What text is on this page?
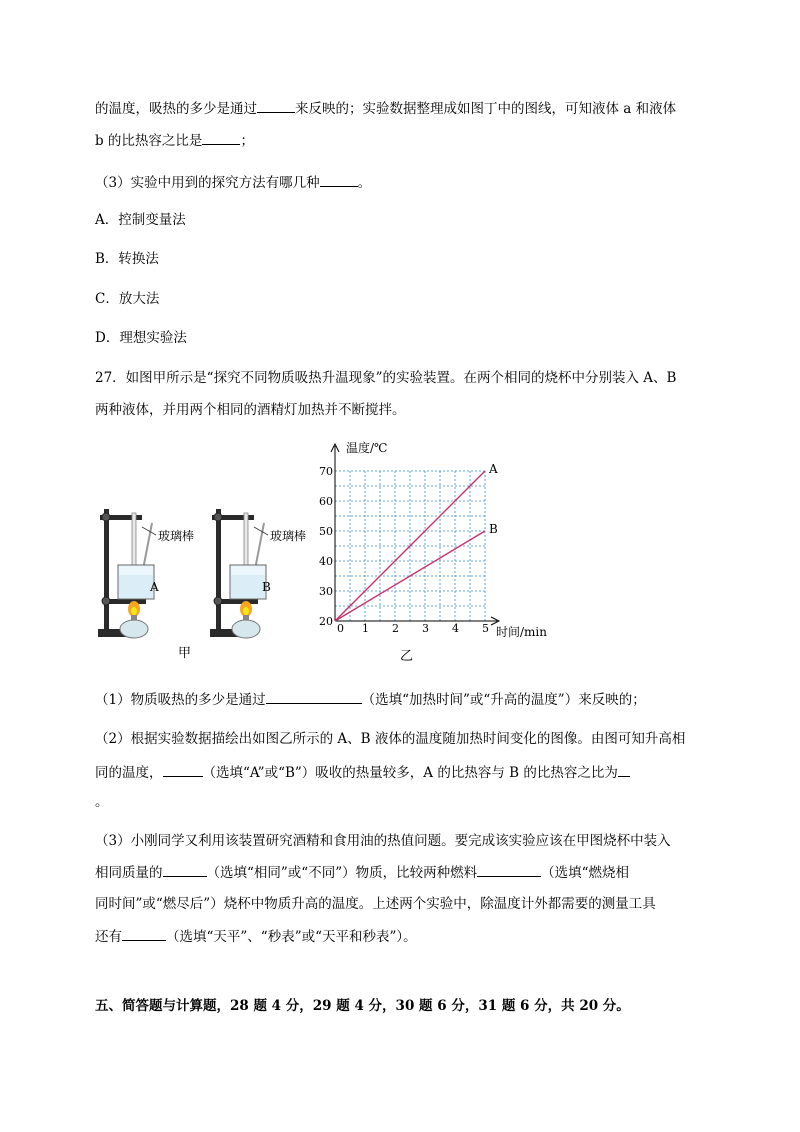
的温度，吸热的多少是通过	来反映的；实验数据整理成如图丁中的图线，可知液体 a 和液体
b 的比热容之比是	；
（3）实验中用到的探究方法有哪几种	。
A．控制变量法
B．转换法
C．放大法
D．理想实验法
27．如图甲所示是“探究不同物质吸热升温现象”的实验装置。在两个相同的烧杯中分别装入 A、B
两种液体，并用两个相同的酒精灯加热并不断搅拌。
玻璃棒
A
玻璃棒
B
甲
0 1 2 3 4 5
20
30
40
50
60
70	A
B
温度/℃
时间/min
乙
（1）物质吸热的多少是通过	（选填“加热时间”或“升高的温度”）来反映的；
（2）根据实验数据描绘出如图乙所示的 A、B 液体的温度随加热时间变化的图像。由图可知升高相
同的温度，	（选填“A”或“B”）吸收的热量较多，A 的比热容与 B 的比热容之比为
。
（3）小刚同学又利用该装置研究酒精和食用油的热值问题。要完成该实验应该在甲图烧杯中装入
相同质量的	（选填“相同”或“不同”）物质，比较两种燃料	（选填“燃烧相
同时间”或“燃尽后”）烧杯中物质升高的温度。上述两个实验中，除温度计外都需要的测量工具
还有	（选填“天平”、“秒表”或“天平和秒表”）。
五、简答题与计算题，28 题 4 分，29 题 4 分，30 题 6 分，31 题 6 分，共 20 分。
